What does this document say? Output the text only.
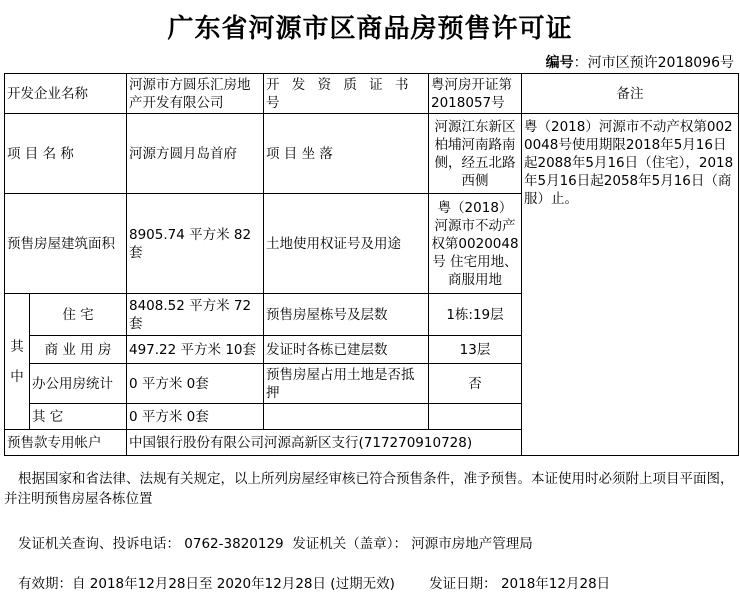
广东省河源市区商品房预售许可证
编号：河市区预许2018096号
开发企业名称		河源市方圆乐汇房地产开发有限公司	开 发 资 质 证 书 号	粤河房开证第2018057号	备注	
项 目 名 称		河源方圆月岛首府	项 目 坐 落	河源江东新区柏埔河南路南侧，经五北路西侧	粤（2018）河源市不动产权第0020048号使用期限2018年5月16日起2088年5月16日（住宅），2018年5月16日起2058年5月16日（商服）止。	
预售房屋建筑面积		8905.74 平方米 82套	土地使用权证号及用途	粤（2018）河源市不动产权第0020048号 住宅用地、商服用地		
其中	住 宅	8408.52 平方米 72套	预售房屋栋号及层数	1栋:19层		
	商 业 用 房	497.22 平方米 10套	发证时各栋已建层数	13层		
	办公用房统计	0 平方米 0套	预售房屋占用土地是否抵押	否		
	其 它	0 平方米 0套				
预售款专用帐户		中国银行股份有限公司河源高新区支行(717270910728)				
根据国家和省法律、法规有关规定，以上所列房屋经审核已符合预售条件，准予预售。本证使用时必须附上项目平面图，并注明预售房屋各栋位置
发证机关查询、投诉电话： 0762-3820129  发证机关（盖章）： 河源市房地产管理局
有效期：自 2018年12月28日至 2020年12月28日 (过期无效)        发证日期： 2018年12月28日
